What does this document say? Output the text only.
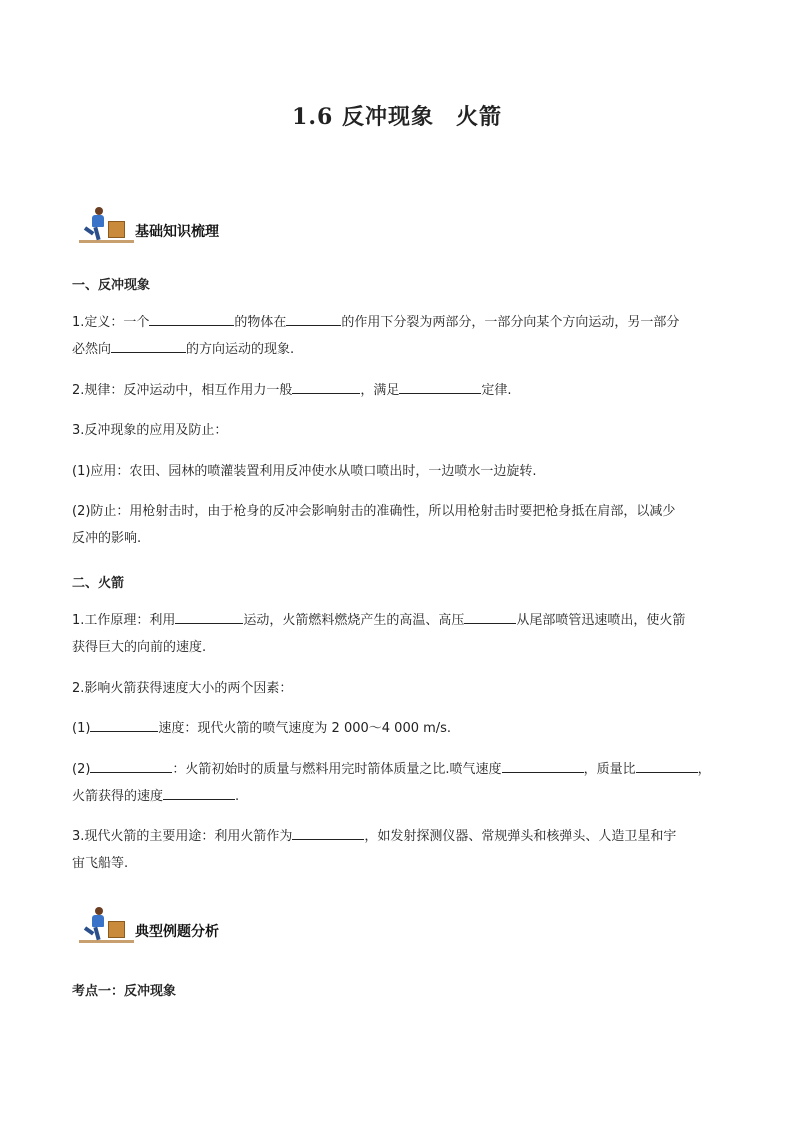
1.6 反冲现象 火箭
基础知识梳理
一、反冲现象
1.定义：一个	的物体在	的作用下分裂为两部分，一部分向某个方向运动，另一部分
必然向	的方向运动的现象.
2.规律：反冲运动中，相互作用力一般	，满足	定律.
3.反冲现象的应用及防止：
(1)应用：农田、园林的喷灌装置利用反冲使水从喷口喷出时，一边喷水一边旋转.
(2)防止：用枪射击时，由于枪身的反冲会影响射击的准确性，所以用枪射击时要把枪身抵在肩部，以减少
反冲的影响.
二、火箭
1.工作原理：利用	运动，火箭燃料燃烧产生的高温、高压	从尾部喷管迅速喷出，使火箭
获得巨大的向前的速度.
2.影响火箭获得速度大小的两个因素：
(1)	速度：现代火箭的喷气速度为 2 000～4 000 m/s.
(2)	：火箭初始时的质量与燃料用完时箭体质量之比.喷气速度	，质量比	，
火箭获得的速度	.
3.现代火箭的主要用途：利用火箭作为	，如发射探测仪器、常规弹头和核弹头、人造卫星和宇
宙飞船等.
典型例题分析
考点一：反冲现象
